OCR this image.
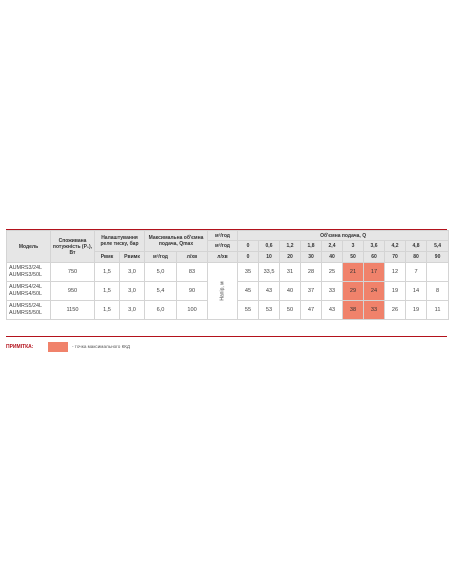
Модель	Споживана потужність (P₁), Вт	Налаштування реле тиску, бар		Максимальна об'ємна подача, Qmax		м³/год	Об'ємна подача, Q									
						м³/год	0	0,6	1,2	1,8	2,4	3	3,6	4,2	4,8	5,4
		Рвмк	Рвимк	м³/год	л/хв	л/хв	0	10	20	30	40	50	60	70	80	90
AUMRS3/24L
AUMRS3/50L	750	1,5	3,0	5,0	83	Напір, м	35	33,5	31	28	25	21	17	12	7	
AUMRS4/24L
AUMRS4/50L	950	1,5	3,0	5,4	90		45	43	40	37	33	29	24	19	14	8
AUMRS5/24L
AUMRS5/50L	1150	1,5	3,0	6,0	100		55	53	50	47	43	38	33	26	19	11
ПРИМІТКА:	- точка максимального ККД
